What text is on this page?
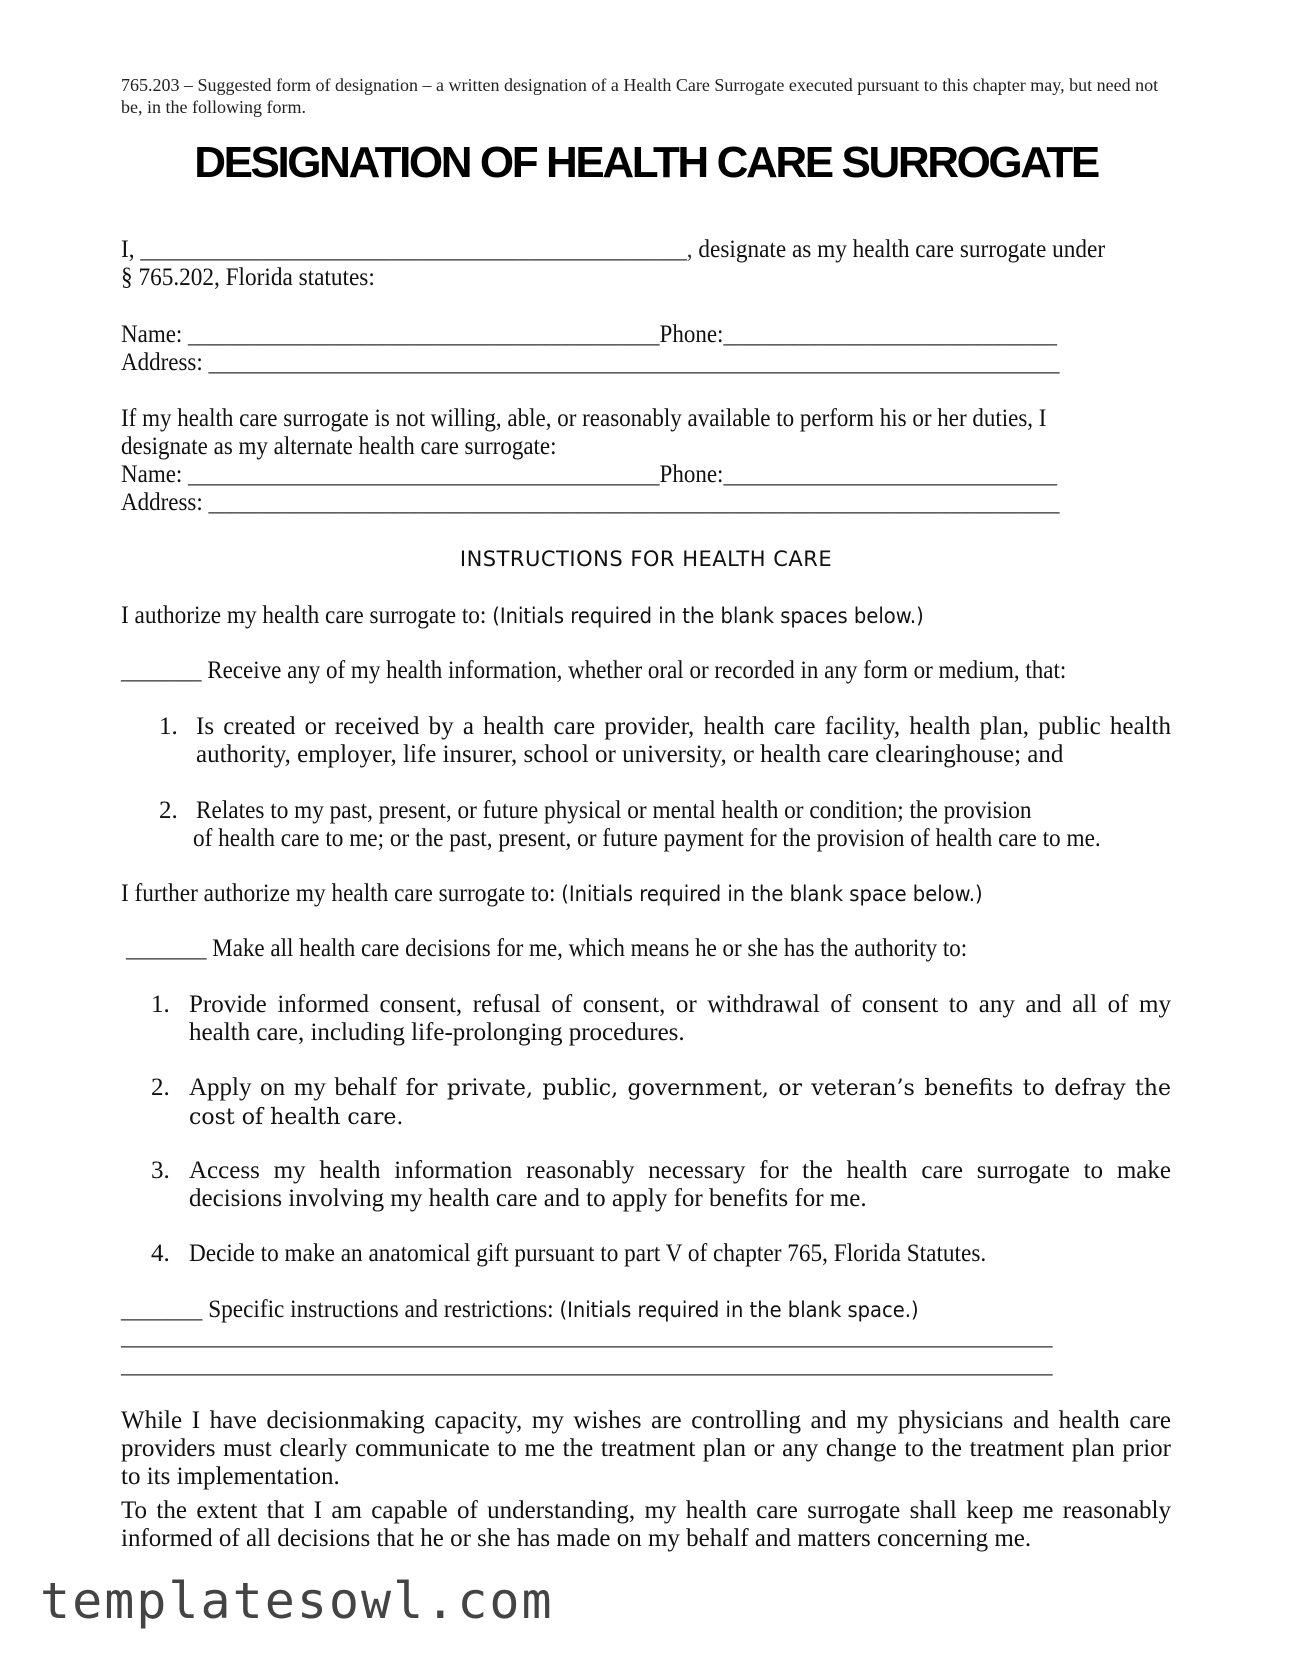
765.203 – Suggested form of designation – a written designation of a Health Care Surrogate executed pursuant to this chapter may, but need not be, in the following form.
DESIGNATION OF HEALTH CARE SURROGATE
I, _______________________________________________, designate as my health care surrogate under
§ 765.202, Florida statutes:
Name: _________________________________________Phone:_____________________________
Address: __________________________________________________________________________
If my health care surrogate is not willing, able, or reasonably available to perform his or her duties, I
designate as my alternate health care surrogate:
Name: _________________________________________Phone:_____________________________
Address: __________________________________________________________________________
INSTRUCTIONS FOR HEALTH CARE
I authorize my health care surrogate to: (Initials required in the blank spaces below.)
_______ Receive any of my health information, whether oral or recorded in any form or medium, that:
1. Is created or received by a health care provider, health care facility, health plan, public health authority, employer, life insurer, school or university, or health care clearinghouse; and
2. Relates to my past, present, or future physical or mental health or condition; the provision
of health care to me; or the past, present, or future payment for the provision of health care to me.
I further authorize my health care surrogate to: (Initials required in the blank space below.)
_______ Make all health care decisions for me, which means he or she has the authority to:
1. Provide informed consent, refusal of consent, or withdrawal of consent to any and all of my health care, including life-prolonging procedures.
2. Apply on my behalf for private, public, government, or veteran’s benefits to defray the cost of health care.
3. Access my health information reasonably necessary for the health care surrogate to make decisions involving my health care and to apply for benefits for me.
4. Decide to make an anatomical gift pursuant to part V of chapter 765, Florida Statutes.
_______ Specific instructions and restrictions: (Initials required in the blank space.)
_________________________________________________________________________________
_________________________________________________________________________________
While I have decisionmaking capacity, my wishes are controlling and my physicians and health care providers must clearly communicate to me the treatment plan or any change to the treatment plan prior to its implementation.
To the extent that I am capable of understanding, my health care surrogate shall keep me reasonably informed of all decisions that he or she has made on my behalf and matters concerning me.
templatesowl.com
